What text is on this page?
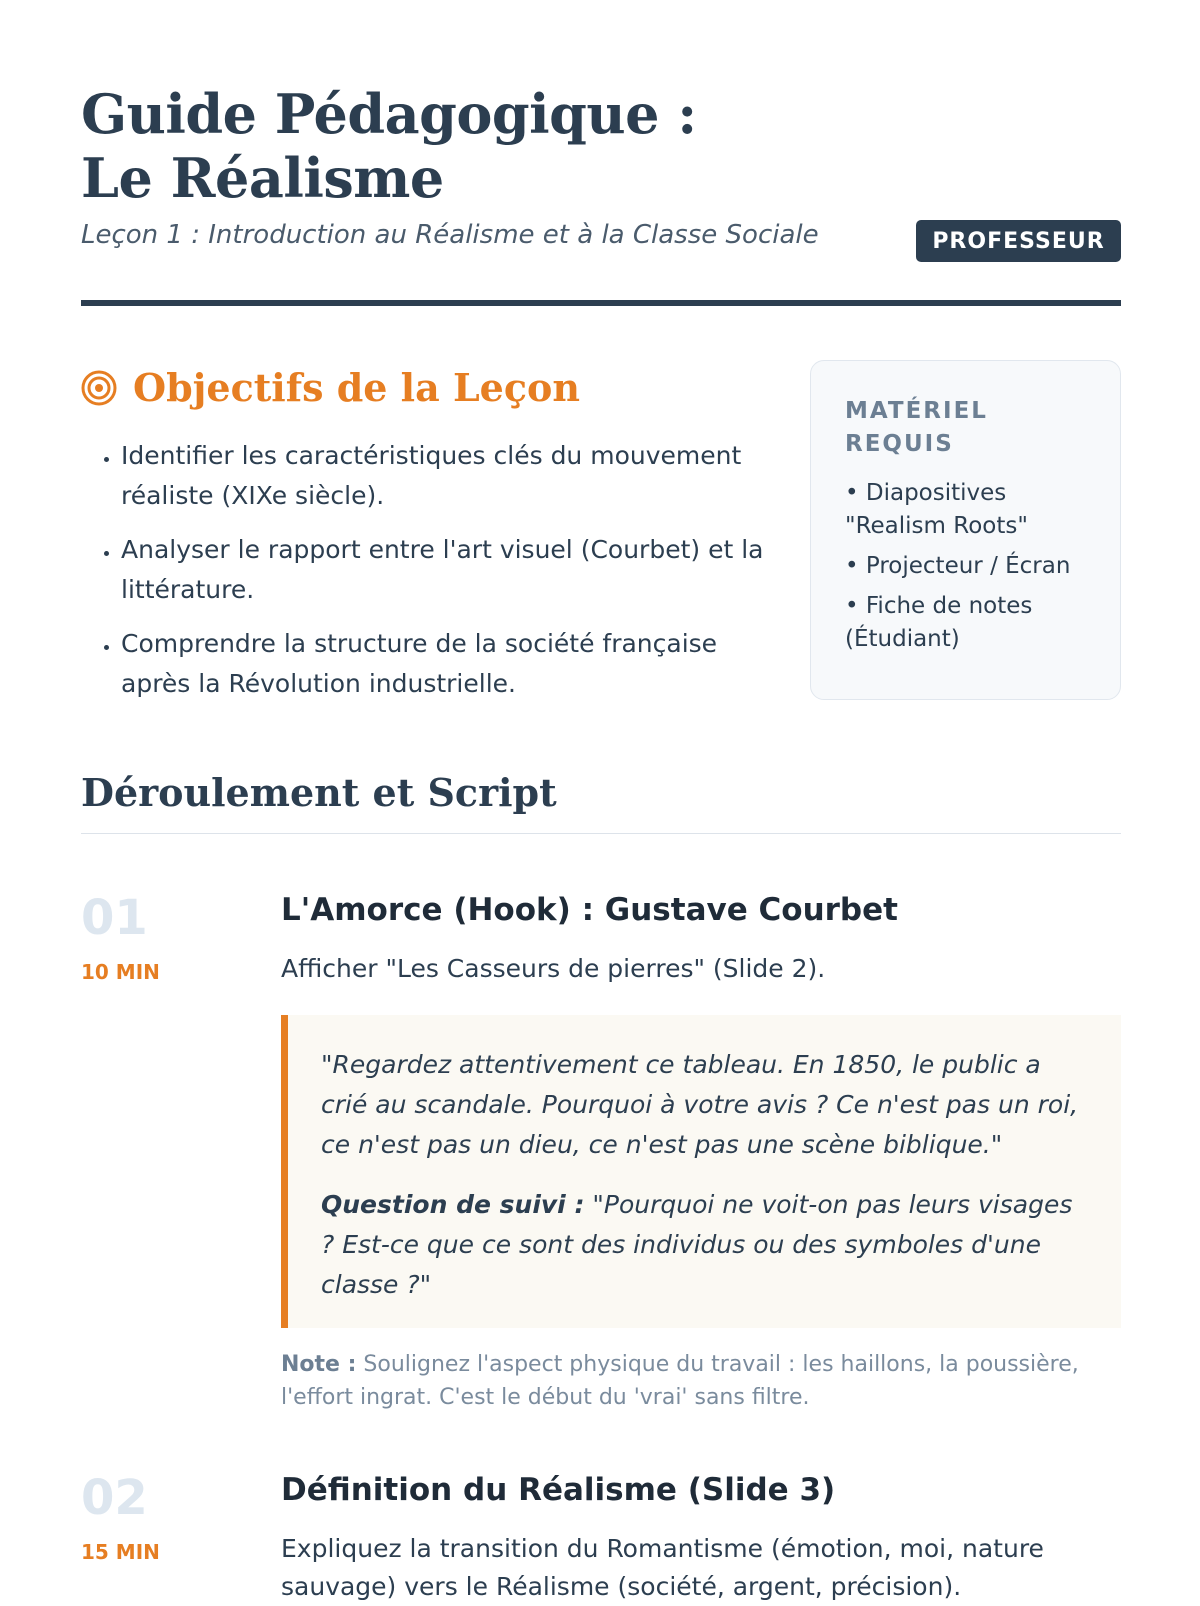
Guide Pédagogique : Le Réalisme
Leçon 1 : Introduction au Réalisme et à la Classe Sociale	PROFESSEUR
Objectifs de la Leçon
• Identifier les caractéristiques clés du mouvement réaliste (XIXe siècle).
• Analyser le rapport entre l'art visuel (Courbet) et la littérature.
• Comprendre la structure de la société française après la Révolution industrielle.
MATÉRIEL REQUIS
• Diapositives "Realism Roots"
• Projecteur / Écran
• Fiche de notes (Étudiant)
Déroulement et Script
01
10 MIN
L'Amorce (Hook) : Gustave Courbet
Afficher "Les Casseurs de pierres" (Slide 2).

"Regardez attentivement ce tableau. En 1850, le public a crié au scandale. Pourquoi à votre avis ? Ce n'est pas un roi, ce n'est pas un dieu, ce n'est pas une scène biblique."

Question de suivi : "Pourquoi ne voit-on pas leurs visages ? Est-ce que ce sont des individus ou des symboles d'une classe ?"

Note : Soulignez l'aspect physique du travail : les haillons, la poussière, l'effort ingrat. C'est le début du 'vrai' sans filtre.
02
15 MIN
Définition du Réalisme (Slide 3)
Expliquez la transition du Romantisme (émotion, moi, nature sauvage) vers le Réalisme (société, argent, précision).
